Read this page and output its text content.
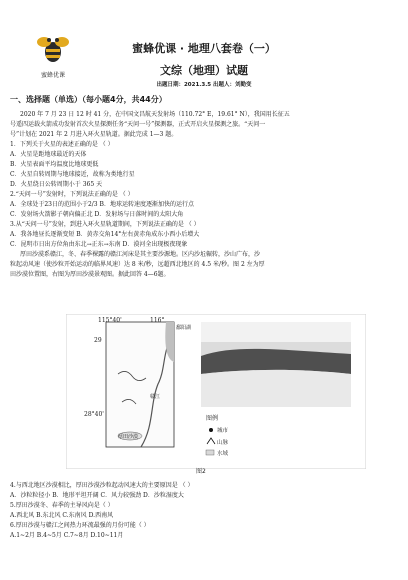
蜜蜂优课
蜜蜂优课 · 地理八套卷（一）
文综（地理）试题
出题日期：2021.3.5 出题人：刘勤变
一、选择题（单选）（每小题4分，共44分）
2020 年 7 月 23 日 12 时 41 分，在中国文昌航天发射场（110.72° E，19.61° N），我国用长征五
号遥四运载火箭成功发射首次火星探测任务“天问一号”探测器，正式开启火星探测之旅。“天问一
号”计划在 2021 年 2 月进入环火星轨道。据此完成 1—3 题。
1．下列关于火星的表述正确的是 （ ）
A．火星是距地球最近的天体
B．火星表面平均温度比地球更低
C．火星自转周期与地球接近，故称为类地行星
D．火星绕日公转周期小于 365 天
2.“天问一号”发射时，下列说法正确的是 （ ）
A．全球处于23日的范围小于2/3 B．地球运转速度逐渐加快的运行点
C．发射场火箭影子朝向偏正北 D．发射场与日落时间的太阳大角
3.从“天问一号”发射，到进入环火星轨道期间，下列说法正确的是 （ ）
A．我各地昼长逐渐变短 B．黄赤交角14°左右黄赤角成东小西小后增大
C．昆明市日出方位角由东北→正东→东南 D．漠河全出现极夜现象
厚田沙漠系赣江，冬、春季裸露的赣江河床是其主要沙源地。区内沙坵辗转，沙山广布，沙
粒起动风速（使沙粒开始运动的临界风速）达 8 米/秒，远超西北地区的 4.5 米/秒。图 2 左为厚
田沙漠位置图，右图为厚田沙漠景观图。据此回答 4—6题。
115°40'	116°
29
28°40'
鄱阳湖
厚田沙漠
赣江
图例
城市
山脉
水域
图2
4.与西北地区沙漠相比，厚田沙漠沙粒起动风速大的主要原因是 （ ）
A．沙粒粒径小 B．地形平坦开阔 C．风力较强劲 D．沙粒湿度大
5.厚田沙漠冬、春季的主导风向是（ ）
A.西北风 B.东北风 C.东南风 D.西南风
6.厚田沙漠与赣江之间热力环流最强的月份可能（ ）
A.1~2月 B.4~5月 C.7~8月 D.10~11月
